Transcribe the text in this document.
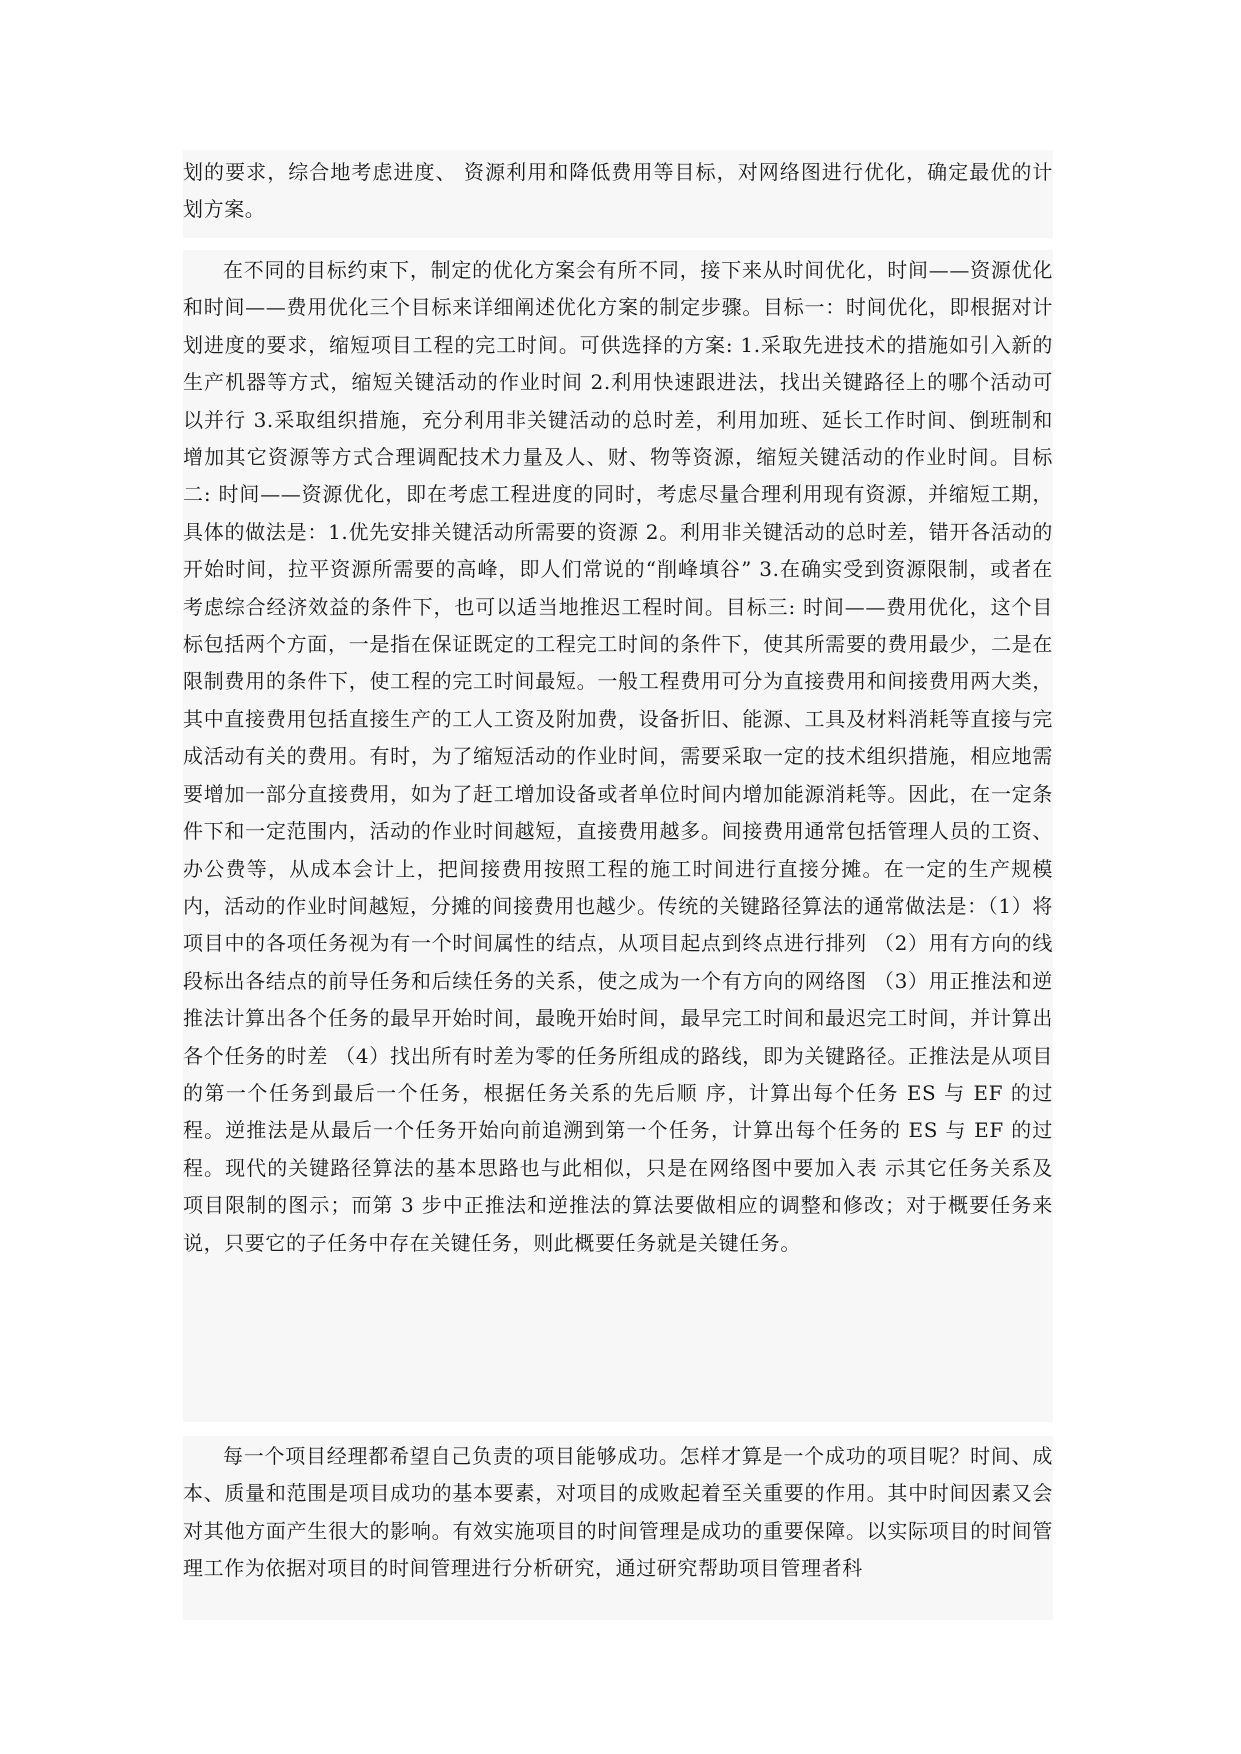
划的要求，综合地考虑进度、 资源利用和降低费用等目标，对网络图进行优化，确定最优的计划方案。

在不同的目标约束下，制定的优化方案会有所不同，接下来从时间优化，时间——资源优化和时间——费用优化三个目标来详细阐述优化方案的制定步骤。目标一：时间优化，即根据对计划进度的要求，缩短项目工程的完工时间。可供选择的方案: 1.采取先进技术的措施如引入新的生产机器等方式，缩短关键活动的作业时间 2.利用快速跟进法，找出关键路径上的哪个活动可以并行 3.采取组织措施，充分利用非关键活动的总时差，利用加班、延长工作时间、倒班制和增加其它资源等方式合理调配技术力量及人、财、物等资源，缩短关键活动的作业时间。目标二: 时间——资源优化，即在考虑工程进度的同时，考虑尽量合理利用现有资源，并缩短工期，具体的做法是：1.优先安排关键活动所需要的资源 2。利用非关键活动的总时差，错开各活动的开始时间，拉平资源所需要的高峰，即人们常说的“削峰填谷” 3.在确实受到资源限制，或者在考虑综合经济效益的条件下，也可以适当地推迟工程时间。目标三: 时间——费用优化，这个目标包括两个方面，一是指在保证既定的工程完工时间的条件下，使其所需要的费用最少，二是在限制费用的条件下，使工程的完工时间最短。一般工程费用可分为直接费用和间接费用两大类，其中直接费用包括直接生产的工人工资及附加费，设备折旧、能源、工具及材料消耗等直接与完成活动有关的费用。有时，为了缩短活动的作业时间，需要采取一定的技术组织措施，相应地需要增加一部分直接费用，如为了赶工增加设备或者单位时间内增加能源消耗等。因此，在一定条件下和一定范围内，活动的作业时间越短，直接费用越多。间接费用通常包括管理人员的工资、办公费等，从成本会计上，把间接费用按照工程的施工时间进行直接分摊。在一定的生产规模内，活动的作业时间越短，分摊的间接费用也越少。传统的关键路径算法的通常做法是：（1）将项目中的各项任务视为有一个时间属性的结点，从项目起点到终点进行排列 （2）用有方向的线段标出各结点的前导任务和后续任务的关系，使之成为一个有方向的网络图 （3）用正推法和逆推法计算出各个任务的最早开始时间，最晚开始时间，最早完工时间和最迟完工时间，并计算出各个任务的时差 （4）找出所有时差为零的任务所组成的路线，即为关键路径。正推法是从项目的第一个任务到最后一个任务，根据任务关系的先后顺 序，计算出每个任务 ES 与 EF 的过程。逆推法是从最后一个任务开始向前追溯到第一个任务，计算出每个任务的 ES 与 EF 的过程。现代的关键路径算法的基本思路也与此相似，只是在网络图中要加入表 示其它任务关系及项目限制的图示；而第 3 步中正推法和逆推法的算法要做相应的调整和修改；对于概要任务来说，只要它的子任务中存在关键任务，则此概要任务就是关键任务。

每一个项目经理都希望自己负责的项目能够成功。怎样才算是一个成功的项目呢？时间、成本、质量和范围是项目成功的基本要素，对项目的成败起着至关重要的作用。其中时间因素又会对其他方面产生很大的影响。有效实施项目的时间管理是成功的重要保障。以实际项目的时间管理工作为依据对项目的时间管理进行分析研究，通过研究帮助项目管理者科
